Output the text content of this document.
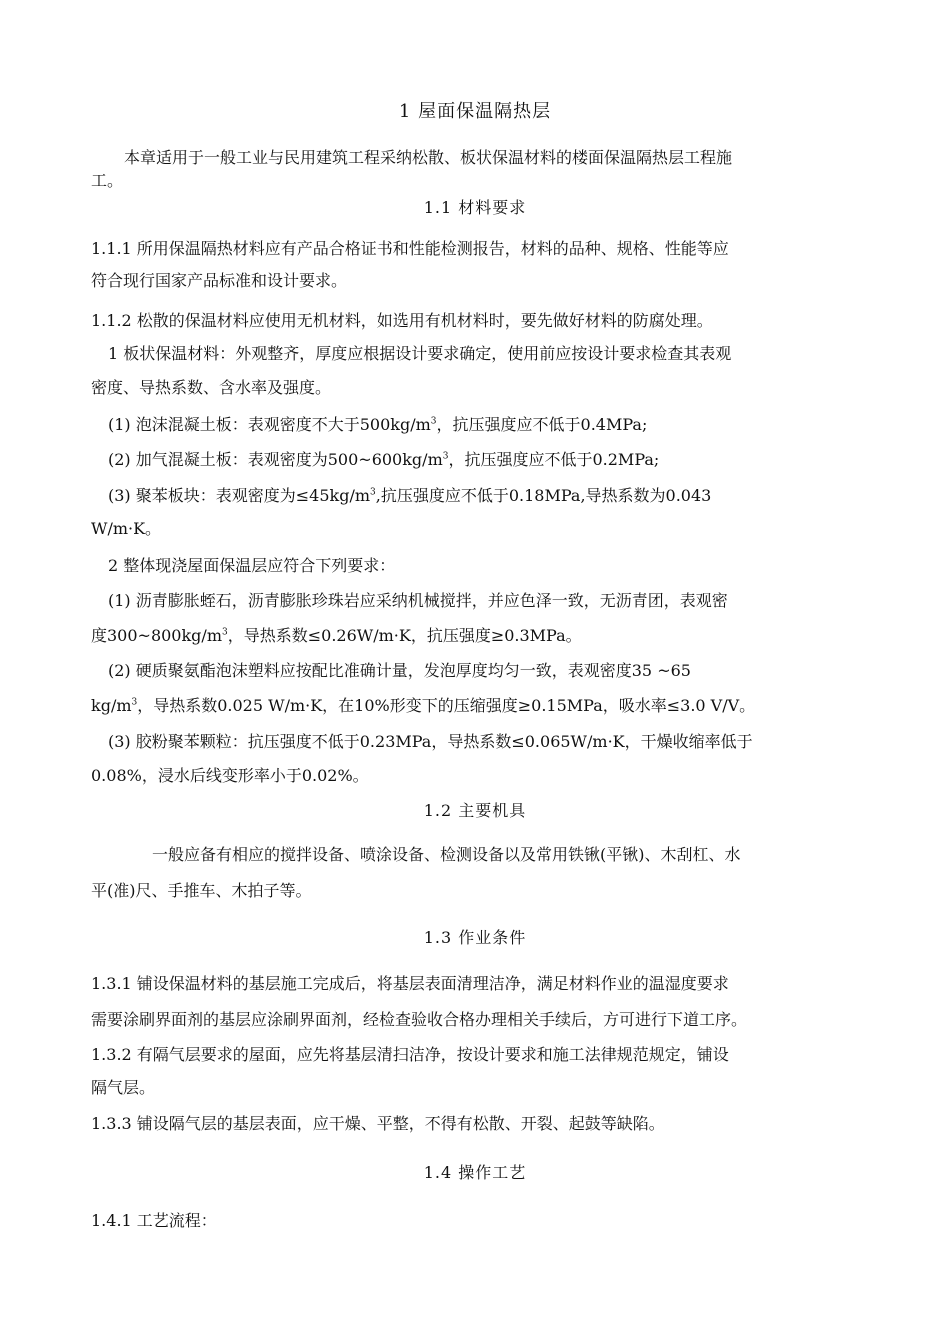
1 屋面保温隔热层
本章适用于一般工业与民用建筑工程采纳松散、板状保温材料的楼面保温隔热层工程施
工。
1.1 材料要求
1.1.1 所用保温隔热材料应有产品合格证书和性能检测报告，材料的品种、规格、性能等应
符合现行国家产品标准和设计要求。
1.1.2 松散的保温材料应使用无机材料，如选用有机材料时，要先做好材料的防腐处理。
1 板状保温材料：外观整齐，厚度应根据设计要求确定，使用前应按设计要求检查其表观
密度、导热系数、含水率及强度。
(1) 泡沫混凝土板：表观密度不大于$500kg/m^3$，抗压强度应不低于0.4MPa;
(2) 加气混凝土板：表观密度为$500\sim 600kg/m^3$，抗压强度应不低于0.2MPa;
(3) 聚苯板块：表观密度为$\le 45kg/m^3$,抗压强度应不低于0.18MPa,导热系数为0.043
W/m·K。
2 整体现浇屋面保温层应符合下列要求：
(1) 沥青膨胀蛭石，沥青膨胀珍珠岩应采纳机械搅拌，并应色泽一致，无沥青团，表观密
度$300\sim 800kg/m^3$，导热系数≤0.26W/m·K，抗压强度≥0.3MPa。
(2) 硬质聚氨酯泡沫塑料应按配比准确计量，发泡厚度均匀一致，表观密度35 ~65
$kg/m^3$，导热系数0.025 W/m·K，在10%形变下的压缩强度≥0.15MPa，吸水率≤3.0 V/V。
(3) 胶粉聚苯颗粒：抗压强度不低于0.23MPa，导热系数≤0.065W/m·K，干燥收缩率低于
0.08%，浸水后线变形率小于0.02%。
1.2 主要机具
一般应备有相应的搅拌设备、喷涂设备、检测设备以及常用铁锹(平锹)、木刮杠、水
平(准)尺、手推车、木拍子等。
1.3 作业条件
1.3.1 铺设保温材料的基层施工完成后，将基层表面清理洁净，满足材料作业的温湿度要求
需要涂刷界面剂的基层应涂刷界面剂，经检查验收合格办理相关手续后，方可进行下道工序。
1.3.2 有隔气层要求的屋面，应先将基层清扫洁净，按设计要求和施工法律规范规定，铺设
隔气层。
1.3.3 铺设隔气层的基层表面，应干燥、平整，不得有松散、开裂、起鼓等缺陷。
1.4 操作工艺
1.4.1 工艺流程：
